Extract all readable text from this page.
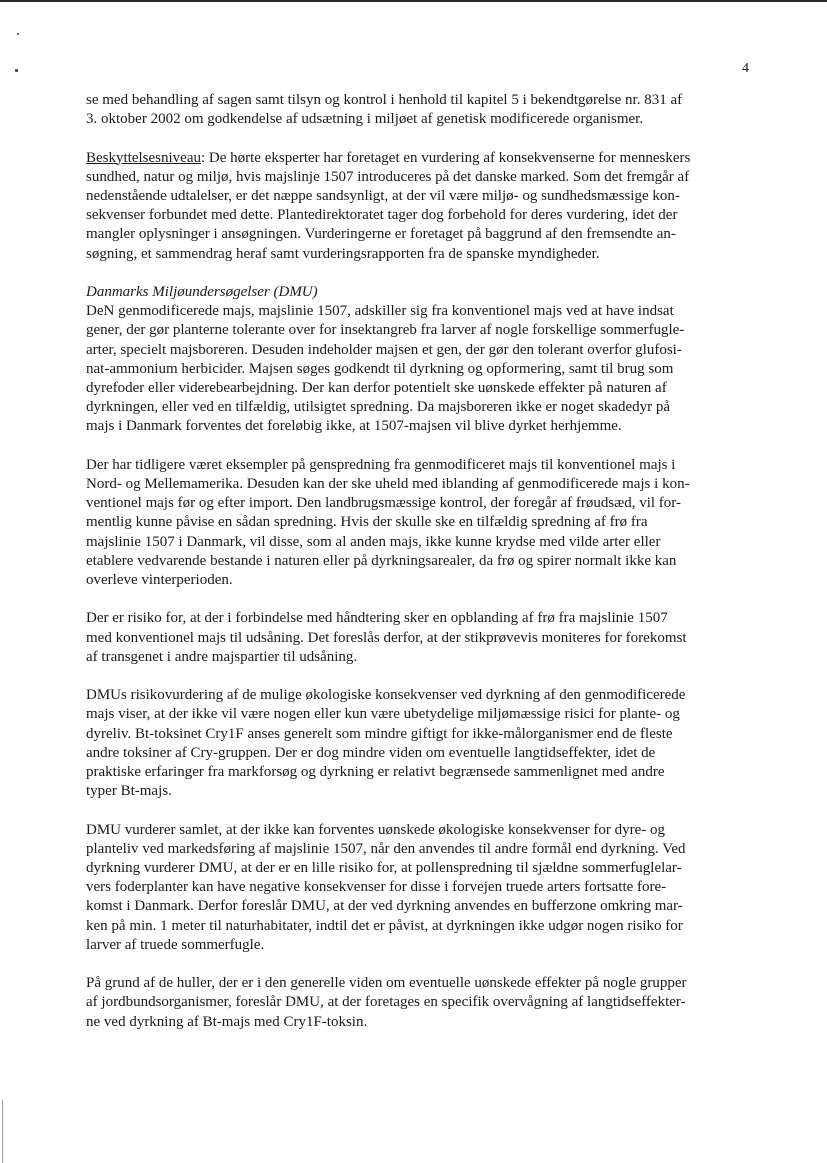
4

se med behandling af sagen samt tilsyn og kontrol i henhold til kapitel 5 i bekendtgørelse nr. 831 af
3. oktober 2002 om godkendelse af udsætning i miljøet af genetisk modificerede organismer.

Beskyttelsesniveau: De hørte eksperter har foretaget en vurdering af konsekvenserne for menneskers
sundhed, natur og miljø, hvis majslinje 1507 introduceres på det danske marked. Som det fremgår af
nedenstående udtalelser, er det næppe sandsynligt, at der vil være miljø- og sundhedsmæssige kon-
sekvenser forbundet med dette. Plantedirektoratet tager dog forbehold for deres vurdering, idet der
mangler oplysninger i ansøgningen. Vurderingerne er foretaget på baggrund af den fremsendte an-
søgning, et sammendrag heraf samt vurderingsrapporten fra de spanske myndigheder.

Danmarks Miljøundersøgelser (DMU)

DeN genmodificerede majs, majslinie 1507, adskiller sig fra konventionel majs ved at have indsat
gener, der gør planterne tolerante over for insektangreb fra larver af nogle forskellige sommerfugle-
arter, specielt majsboreren. Desuden indeholder majsen et gen, der gør den tolerant overfor glufosi-
nat-ammonium herbicider. Majsen søges godkendt til dyrkning og opformering, samt til brug som
dyrefoder eller viderebearbejdning. Der kan derfor potentielt ske uønskede effekter på naturen af
dyrkningen, eller ved en tilfældig, utilsigtet spredning. Da majsboreren ikke er noget skadedyr på
majs i Danmark forventes det foreløbig ikke, at 1507-majsen vil blive dyrket herhjemme.

Der har tidligere været eksempler på genspredning fra genmodificeret majs til konventionel majs i
Nord- og Mellemamerika. Desuden kan der ske uheld med iblanding af genmodificerede majs i kon-
ventionel majs før og efter import. Den landbrugsmæssige kontrol, der foregår af frøudsæd, vil for-
mentlig kunne påvise en sådan spredning. Hvis der skulle ske en tilfældig spredning af frø fra
majslinie 1507 i Danmark, vil disse, som al anden majs, ikke kunne krydse med vilde arter eller
etablere vedvarende bestande i naturen eller på dyrkningsarealer, da frø og spirer normalt ikke kan
overleve vinterperioden.

Der er risiko for, at der i forbindelse med håndtering sker en opblanding af frø fra majslinie 1507
med konventionel majs til udsåning. Det foreslås derfor, at der stikprøvevis moniteres for forekomst
af transgenet i andre majspartier til udsåning.

DMUs risikovurdering af de mulige økologiske konsekvenser ved dyrkning af den genmodificerede
majs viser, at der ikke vil være nogen eller kun være ubetydelige miljømæssige risici for plante- og
dyreliv. Bt-toksinet Cry1F anses generelt som mindre giftigt for ikke-målorganismer end de fleste
andre toksiner af Cry-gruppen. Der er dog mindre viden om eventuelle langtidseffekter, idet de
praktiske erfaringer fra markforsøg og dyrkning er relativt begrænsede sammenlignet med andre
typer Bt-majs.

DMU vurderer samlet, at der ikke kan forventes uønskede økologiske konsekvenser for dyre- og
planteliv ved markedsføring af majslinie 1507, når den anvendes til andre formål end dyrkning. Ved
dyrkning vurderer DMU, at der er en lille risiko for, at pollenspredning til sjældne sommerfuglelar-
vers foderplanter kan have negative konsekvenser for disse i forvejen truede arters fortsatte fore-
komst i Danmark. Derfor foreslår DMU, at der ved dyrkning anvendes en bufferzone omkring mar-
ken på min. 1 meter til naturhabitater, indtil det er påvist, at dyrkningen ikke udgør nogen risiko for
larver af truede sommerfugle.

På grund af de huller, der er i den generelle viden om eventuelle uønskede effekter på nogle grupper
af jordbundsorganismer, foreslår DMU, at der foretages en specifik overvågning af langtidseffekter-
ne ved dyrkning af Bt-majs med Cry1F-toksin.
